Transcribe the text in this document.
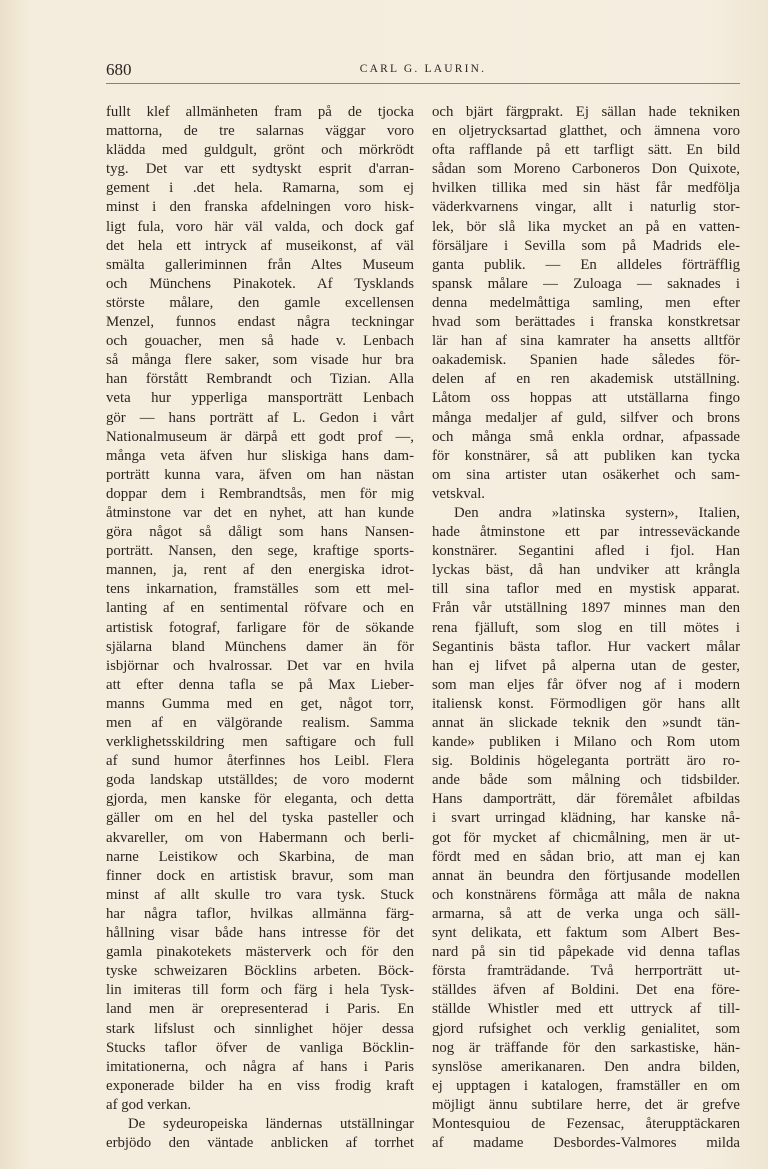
680	CARL G. LAURIN.
fullt klef allmänheten fram på de tjocka
mattorna, de tre salarnas väggar voro
klädda med guldgult, grönt och mörkrödt
tyg. Det var ett sydtyskt esprit d'arran-
gement i .det hela. Ramarna, som ej
minst i den franska afdelningen voro hisk-
ligt fula, voro här väl valda, och dock gaf
det hela ett intryck af museikonst, af väl
smälta galleriminnen från Altes Museum
och Münchens Pinakotek. Af Tysklands
störste målare, den gamle excellensen
Menzel, funnos endast några teckningar
och gouacher, men så hade v. Lenbach
så många flere saker, som visade hur bra
han förstått Rembrandt och Tizian. Alla
veta hur ypperliga mansporträtt Lenbach
gör — hans porträtt af L. Gedon i vårt
Nationalmuseum är därpå ett godt prof —,
många veta äfven hur sliskiga hans dam-
porträtt kunna vara, äfven om han nästan
doppar dem i Rembrandtsås, men för mig
åtminstone var det en nyhet, att han kunde
göra något så dåligt som hans Nansen-
porträtt. Nansen, den sege, kraftige sports-
mannen, ja, rent af den energiska idrot-
tens inkarnation, framställes som ett mel-
lanting af en sentimental röfvare och en
artistisk fotograf, farligare för de sökande
själarna bland Münchens damer än för
isbjörnar och hvalrossar. Det var en hvila
att efter denna tafla se på Max Lieber-
manns Gumma med en get, något torr,
men af en välgörande realism. Samma
verklighetsskildring men saftigare och full
af sund humor återfinnes hos Leibl. Flera
goda landskap utställdes; de voro modernt
gjorda, men kanske för eleganta, och detta
gäller om en hel del tyska pasteller och
akvareller, om von Habermann och berli-
narne Leistikow och Skarbina, de man
finner dock en artistisk bravur, som man
minst af allt skulle tro vara tysk. Stuck
har några taflor, hvilkas allmänna färg-
hållning visar både hans intresse för det
gamla pinakotekets mästerverk och för den
tyske schweizaren Böcklins arbeten. Böck-
lin imiteras till form och färg i hela Tysk-
land men är orepresenterad i Paris. En
stark lifslust och sinnlighet höjer dessa
Stucks taflor öfver de vanliga Böcklin-
imitationerna, och några af hans i Paris
exponerade bilder ha en viss frodig kraft
af god verkan.
De sydeuropeiska ländernas utställningar
erbjödo den väntade anblicken af torrhet
och bjärt färgprakt. Ej sällan hade tekniken
en oljetrycksartad glatthet, och ämnena voro
ofta rafflande på ett tarfligt sätt. En bild
sådan som Moreno Carboneros Don Quixote,
hvilken tillika med sin häst får medfölja
väderkvarnens vingar, allt i naturlig stor-
lek, bör slå lika mycket an på en vatten-
försäljare i Sevilla som på Madrids ele-
ganta publik. — En alldeles förträfflig
spansk målare — Zuloaga — saknades i
denna medelmåttiga samling, men efter
hvad som berättades i franska konstkretsar
lär han af sina kamrater ha ansetts alltför
oakademisk. Spanien hade således för-
delen af en ren akademisk utställning.
Låtom oss hoppas att utställarna fingo
många medaljer af guld, silfver och brons
och många små enkla ordnar, afpassade
för konstnärer, så att publiken kan tycka
om sina artister utan osäkerhet och sam-
vetskval.
Den andra »latinska systern», Italien,
hade åtminstone ett par intresseväckande
konstnärer. Segantini afled i fjol. Han
lyckas bäst, då han undviker att krångla
till sina taflor med en mystisk apparat.
Från vår utställning 1897 minnes man den
rena fjälluft, som slog en till mötes i
Segantinis bästa taflor. Hur vackert målar
han ej lifvet på alperna utan de gester,
som man eljes får öfver nog af i modern
italiensk konst. Förmodligen gör hans allt
annat än slickade teknik den »sundt tän-
kande» publiken i Milano och Rom utom
sig. Boldinis högeleganta porträtt äro ro-
ande både som målning och tidsbilder.
Hans damporträtt, där föremålet afbildas
i svart urringad klädning, har kanske nå-
got för mycket af chicmålning, men är ut-
fördt med en sådan brio, att man ej kan
annat än beundra den förtjusande modellen
och konstnärens förmåga att måla de nakna
armarna, så att de verka unga och säll-
synt delikata, ett faktum som Albert Bes-
nard på sin tid påpekade vid denna taflas
första framträdande. Två herrporträtt ut-
ställdes äfven af Boldini. Det ena före-
ställde Whistler med ett uttryck af till-
gjord rufsighet och verklig genialitet, som
nog är träffande för den sarkastiske, hän-
synslöse amerikanaren. Den andra bilden,
ej upptagen i katalogen, framställer en om
möjligt ännu subtilare herre, det är grefve
Montesquiou de Fezensac, återupptäckaren
af madame Desbordes-Valmores milda
